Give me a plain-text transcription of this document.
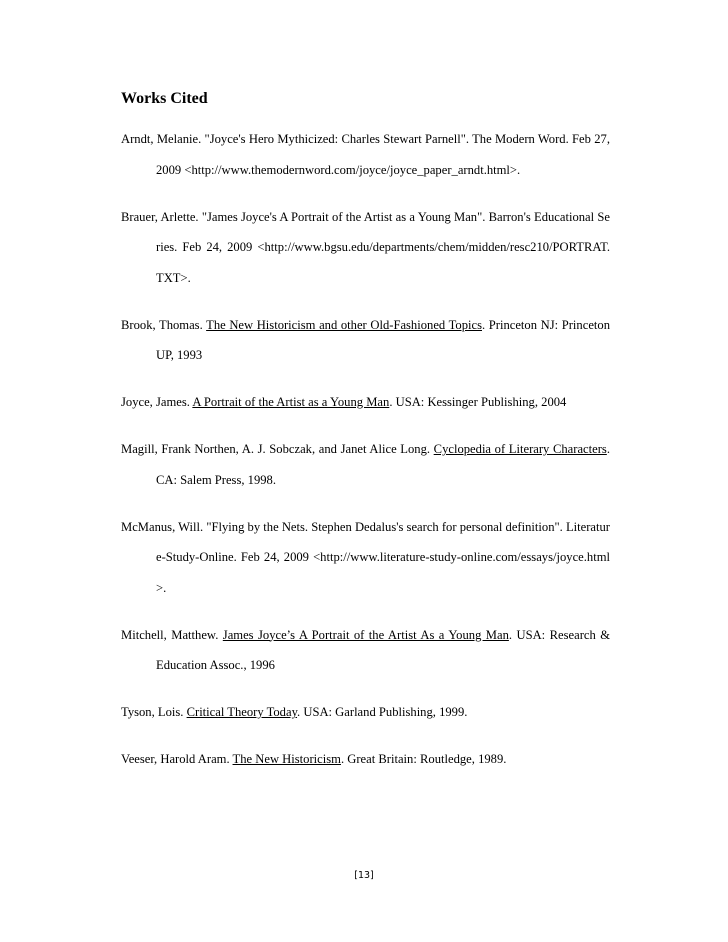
Works Cited

Arndt, Melanie. "Joyce's Hero Mythicized: Charles Stewart Parnell". The Modern Word. Feb 27, 2009 <http://www.themodernword.com/joyce/joyce_paper_arndt.html>.

Brauer, Arlette. "James Joyce's A Portrait of the Artist as a Young Man". Barron's Educational Series. Feb 24, 2009 <http://www.bgsu.edu/departments/chem/midden/resc210/PORTRAT.TXT>.

Brook, Thomas. The New Historicism and other Old-Fashioned Topics. Princeton NJ: Princeton UP, 1993

Joyce, James. A Portrait of the Artist as a Young Man. USA: Kessinger Publishing, 2004

Magill, Frank Northen, A. J. Sobczak, and Janet Alice Long. Cyclopedia of Literary Characters. CA: Salem Press, 1998.

McManus, Will. "Flying by the Nets. Stephen Dedalus's search for personal definition". Literature-Study-Online. Feb 24, 2009 <http://www.literature-study-online.com/essays/joyce.html>.

Mitchell, Matthew. James Joyce’s A Portrait of the Artist As a Young Man. USA: Research & Education Assoc., 1996

Tyson, Lois. Critical Theory Today. USA: Garland Publishing, 1999.

Veeser, Harold Aram. The New Historicism. Great Britain: Routledge, 1989.

[13]
